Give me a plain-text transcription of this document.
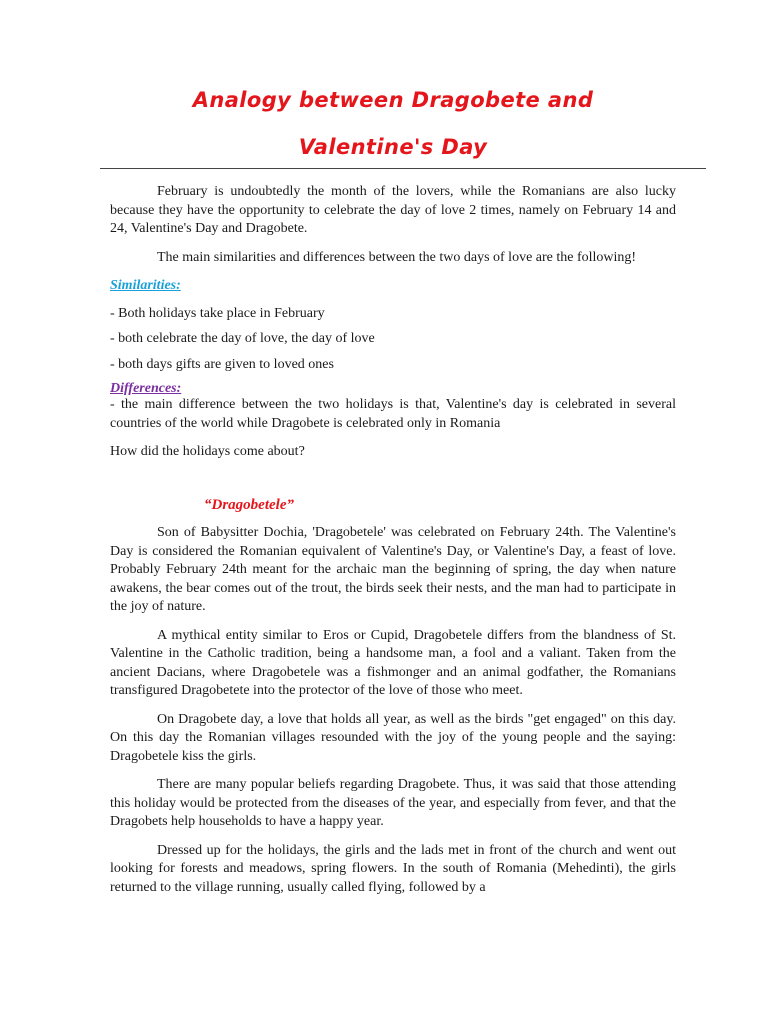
Analogy between Dragobete and
Valentine's Day

February is undoubtedly the month of the lovers, while the Romanians are also lucky because they have the opportunity to celebrate the day of love 2 times, namely on February 14 and 24, Valentine's Day and Dragobete.

The main similarities and differences between the two days of love are the following!

Similarities:

- Both holidays take place in February

- both celebrate the day of love, the day of love

- both days gifts are given to loved ones

Differences:

- the main difference between the two holidays is that, Valentine's day is celebrated in several countries of the world while Dragobete is celebrated only in Romania

How did the holidays come about?

“Dragobetele”

Son of Babysitter Dochia, 'Dragobetele' was celebrated on February 24th. The Valentine's Day is considered the Romanian equivalent of Valentine's Day, or Valentine's Day, a feast of love. Probably February 24th meant for the archaic man the beginning of spring, the day when nature awakens, the bear comes out of the trout, the birds seek their nests, and the man had to participate in the joy of nature.

A mythical entity similar to Eros or Cupid, Dragobetele differs from the blandness of St. Valentine in the Catholic tradition, being a handsome man, a fool and a valiant. Taken from the ancient Dacians, where Dragobetele was a fishmonger and an animal godfather, the Romanians transfigured Dragobetete into the protector of the love of those who meet.

On Dragobete day, a love that holds all year, as well as the birds "get engaged" on this day. On this day the Romanian villages resounded with the joy of the young people and the saying: Dragobetele kiss the girls.

There are many popular beliefs regarding Dragobete. Thus, it was said that those attending this holiday would be protected from the diseases of the year, and especially from fever, and that the Dragobets help households to have a happy year.

Dressed up for the holidays, the girls and the lads met in front of the church and went out looking for forests and meadows, spring flowers. In the south of Romania (Mehedinti), the girls returned to the village running, usually called flying, followed by a
